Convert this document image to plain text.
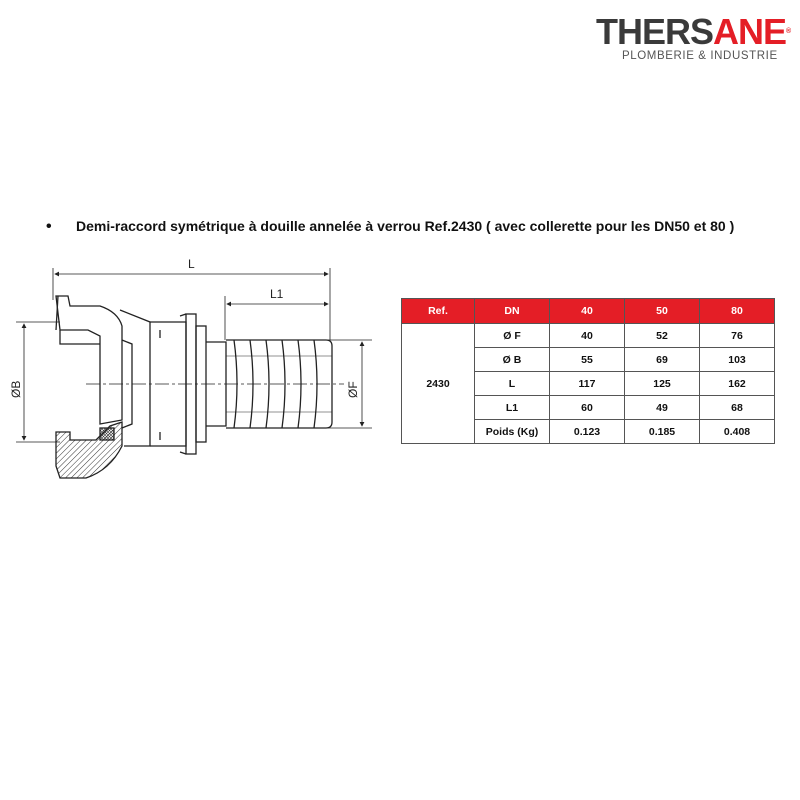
THERSANE®
PLOMBERIE & INDUSTRIE
• Demi-raccord symétrique à douille annelée à verrou Ref.2430 ( avec collerette pour les DN50 et 80 )
L
L1
ØB	ØF
Ref.	DN	40	50	80
2430	Ø F	40	52	76
	Ø B	55	69	103
	L	117	125	162
	L1	60	49	68
	Poids (Kg)	0.123	0.185	0.408
